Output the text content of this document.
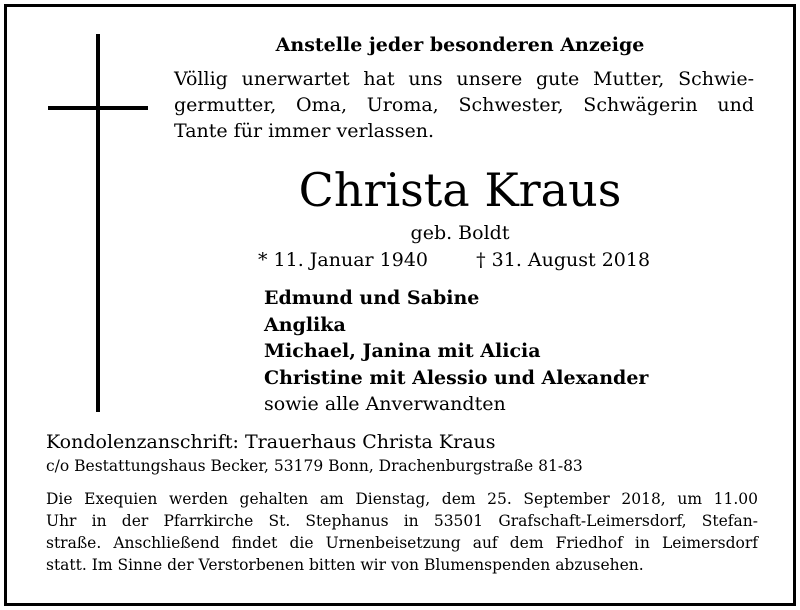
Anstelle jeder besonderen Anzeige
Völlig unerwartet hat uns unsere gute Mutter, Schwie-
germutter, Oma, Uroma, Schwester, Schwägerin und
Tante für immer verlassen.
Christa Kraus
geb. Boldt
* 11. Januar 1940	† 31. August 2018
Edmund und Sabine
Anglika
Michael, Janina mit Alicia
Christine mit Alessio und Alexander
sowie alle Anverwandten
Kondolenzanschrift: Trauerhaus Christa Kraus
c/o Bestattungshaus Becker, 53179 Bonn, Drachenburgstraße 81-83
Die Exequien werden gehalten am Dienstag, dem 25. September 2018, um 11.00
Uhr in der Pfarrkirche St. Stephanus in 53501 Grafschaft-Leimersdorf, Stefan-
straße. Anschließend findet die Urnenbeisetzung auf dem Friedhof in Leimersdorf
statt. Im Sinne der Verstorbenen bitten wir von Blumenspenden abzusehen.
